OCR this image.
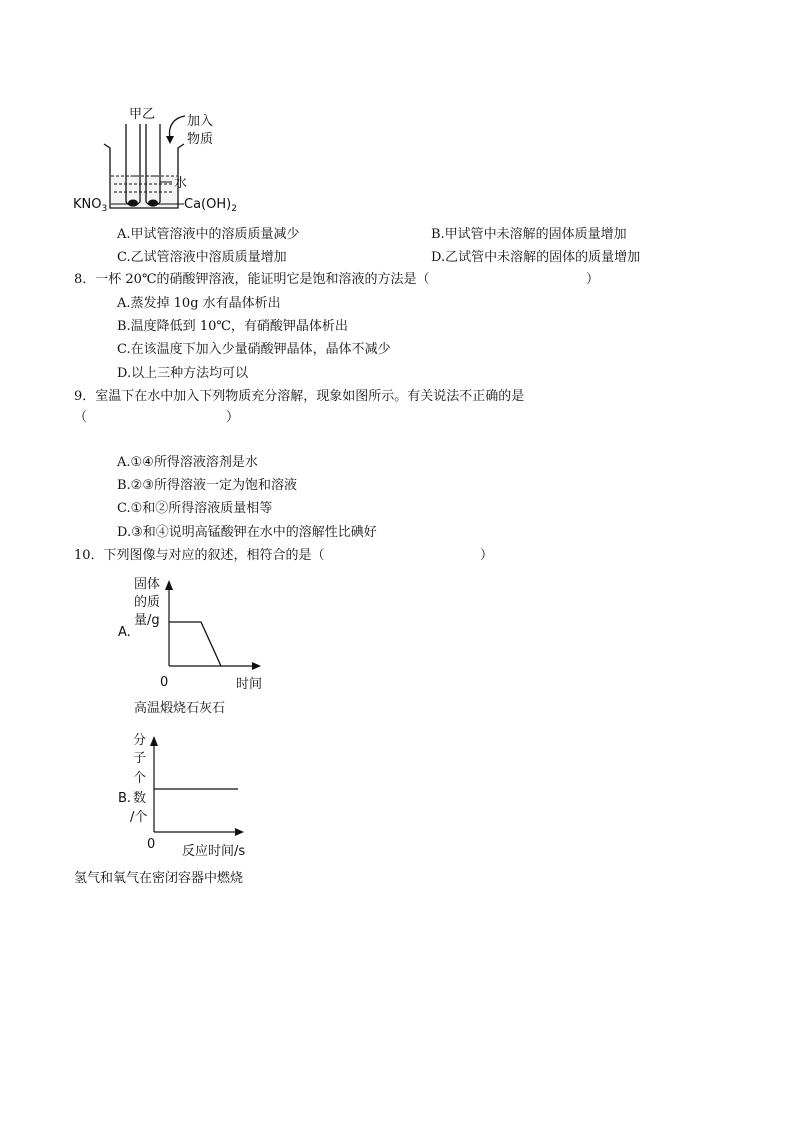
甲乙 加入
物质
水
$KNO_3$	$Ca(OH)_2$
A.甲试管溶液中的溶质质量减少	B.甲试管中未溶解的固体质量增加
C.乙试管溶液中溶质质量增加	D.乙试管中未溶解的固体的质量增加
8．一杯 20℃的硝酸钾溶液，能证明它是饱和溶液的方法是（	）
A.蒸发掉 10g 水有晶体析出
B.温度降低到 10℃，有硝酸钾晶体析出
C.在该温度下加入少量硝酸钾晶体，晶体不减少
D.以上三种方法均可以
9．室温下在水中加入下列物质充分溶解，现象如图所示。有关说法不正确的是
（	）
A.①④所得溶液溶剂是水
B.②③所得溶液一定为饱和溶液
C.①和②所得溶液质量相等
D.③和④说明高锰酸钾在水中的溶解性比碘好
10．下列图像与对应的叙述，相符合的是（	）
固体
的质
量/g
A.
0	时间
高温煅烧石灰石
分
子
个
数
/个
B.
0 反应时间/s
氢气和氧气在密闭容器中燃烧
